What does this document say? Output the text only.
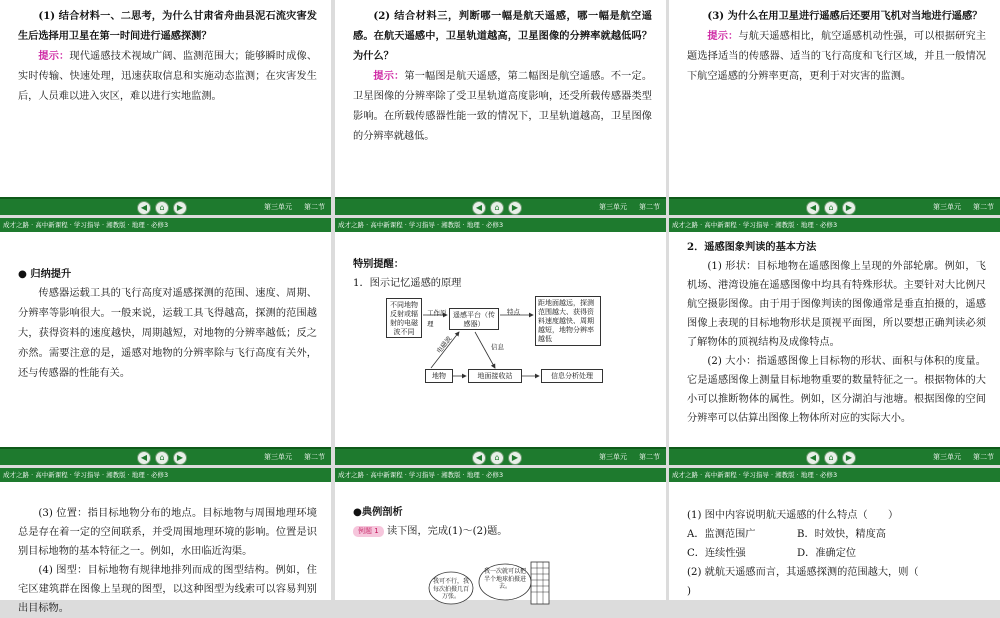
(1) 结合材料一、二思考，为什么甘肃省舟曲县泥石流灾害发生后选择用卫星在第一时间进行遥感探测？

提示：现代遥感技术视域广阔、监测范围大；能够瞬时成像、实时传输、快速处理，迅速获取信息和实施动态监测；在灾害发生后，人员难以进入灾区，难以进行实地监测。

◀	⌂	▶	第三单元 第二节

(2) 结合材料三，判断哪一幅是航天遥感，哪一幅是航空遥感。在航天遥感中，卫星轨道越高，卫星图像的分辨率就越低吗？为什么？

提示：第一幅图是航天遥感，第二幅图是航空遥感。不一定。卫星图像的分辨率除了受卫星轨道高度影响，还受所载传感器类型影响。在所载传感器性能一致的情况下，卫星轨道越高，卫星图像的分辨率就越低。

◀	⌂	▶	第三单元 第二节

(3) 为什么在用卫星进行遥感后还要用飞机对当地进行遥感？

提示：与航天遥感相比，航空遥感机动性强，可以根据研究主题选择适当的传感器、适当的飞行高度和飞行区域，并且一般情况下航空遥感的分辨率更高，更利于对灾害的监测。

◀	⌂	▶	第三单元 第二节
成才之路 · 高中新课程 · 学习指导 · 湘教版 · 地理 · 必修3
● 归纳提升

传感器运载工具的飞行高度对遥感探测的范围、速度、周期、分辨率等影响很大。一般来说，运载工具飞得越高，探测的范围越大，获得资料的速度越快，周期越短，对地物的分辨率越低；反之亦然。需要注意的是，遥感对地物的分辨率除与飞行高度有关外，还与传感器的性能有关。

◀	⌂	▶	第三单元 第二节
成才之路 · 高中新课程 · 学习指导 · 湘教版 · 地理 · 必修3
特别提醒：
1．图示记忆遥感的原理
不同地物反射或辐射的电磁波不同
工作原理
遥感平台（传感器）
特点
距地面越远，探测范围越大、获得资料速度越快、周期越短，地物分辨率越低
电磁波	信息
地物	地面接收站	信息分析处理
◀	⌂	▶	第三单元 第二节
成才之路 · 高中新课程 · 学习指导 · 湘教版 · 地理 · 必修3
2．遥感图象判读的基本方法

(1) 形状：目标地物在遥感图像上呈现的外部轮廓。例如，飞机场、港湾设施在遥感图像中均具有特殊形状。主要针对大比例尺航空摄影图像。由于用于图像判读的图像通常是垂直拍摄的，遥感图像上表现的目标地物形状是顶视平面图，所以要想正确判读必须了解物体的顶视结构及成像特点。

(2) 大小：指遥感图像上目标物的形状、面积与体积的度量。它是遥感图像上测量目标地物重要的数量特征之一。根据物体的大小可以推断物体的属性。例如，区分湖泊与池塘。根据图像的空间分辨率可以估算出图像上物体所对应的实际大小。

◀	⌂	▶	第三单元 第二节
成才之路 · 高中新课程 · 学习指导 · 湘教版 · 地理 · 必修3

(3) 位置：指目标地物分布的地点。目标地物与周围地理环境总是存在着一定的空间联系，并受周围地理环境的影响。位置是识别目标地物的基本特征之一。例如，水田临近沟渠。

(4) 图型：目标地物有规律地排列而成的图型结构。例如，住宅区建筑群在图像上呈现的图型，以这种图型为线索可以容易判别出目标物。

成才之路 · 高中新课程 · 学习指导 · 湘教版 · 地理 · 必修3
●典例剖析
例题 1 读下图，完成(1)～(2)题。
我可不行，我每次拍摄几百万张。
我一次就可以把半个地球拍摄进去。
成才之路 · 高中新课程 · 学习指导 · 湘教版 · 地理 · 必修3
(1) 图中内容说明航天遥感的什么特点（　　）
A．监测范围广	B．时效快，精度高
C．连续性强	D．准确定位
(2) 就航天遥感而言，其遥感探测的范围越大，则（　　
)
